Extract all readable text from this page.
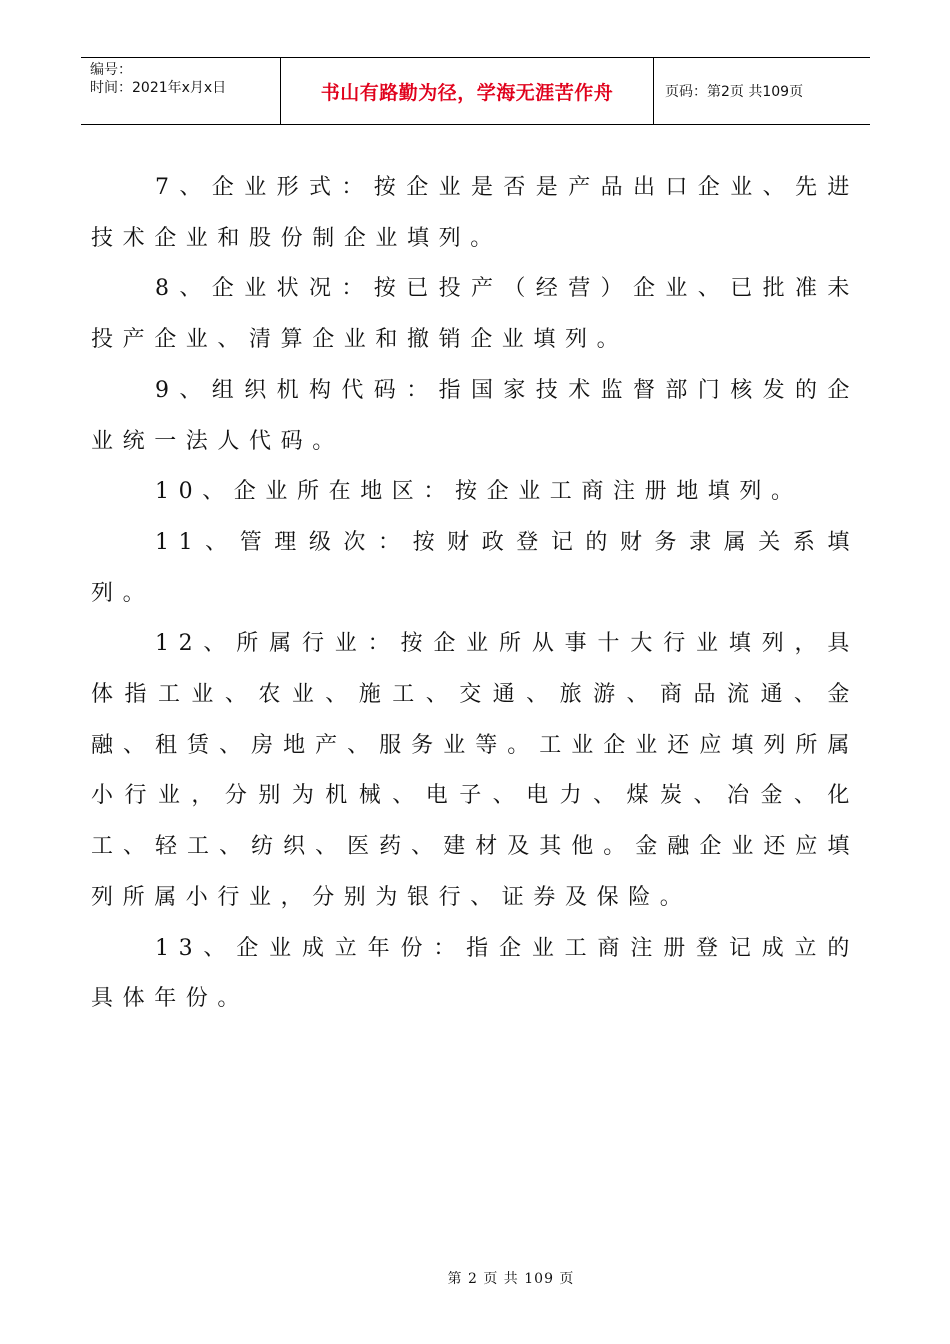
编号：
时间：2021年x月x日	书山有路勤为径，学海无涯苦作舟	页码：第2页 共109页

7、企业形式：按企业是否是产品出口企业、先进技术企业和股份制企业填列。

8、企业状况：按已投产（经营）企业、已批准未投产企业、清算企业和撤销企业填列。

9、组织机构代码：指国家技术监督部门核发的企业统一法人代码。

10、企业所在地区：按企业工商注册地填列。

11、管理级次：按财政登记的财务隶属关系填列。

12、所属行业：按企业所从事十大行业填列，具体指工业、农业、施工、交通、旅游、商品流通、金融、租赁、房地产、服务业等。工业企业还应填列所属小行业，分别为机械、电子、电力、煤炭、冶金、化工、轻工、纺织、医药、建材及其他。金融企业还应填列所属小行业，分别为银行、证券及保险。

13、企业成立年份：指企业工商注册登记成立的具体年份。

第 2 页 共 109 页
